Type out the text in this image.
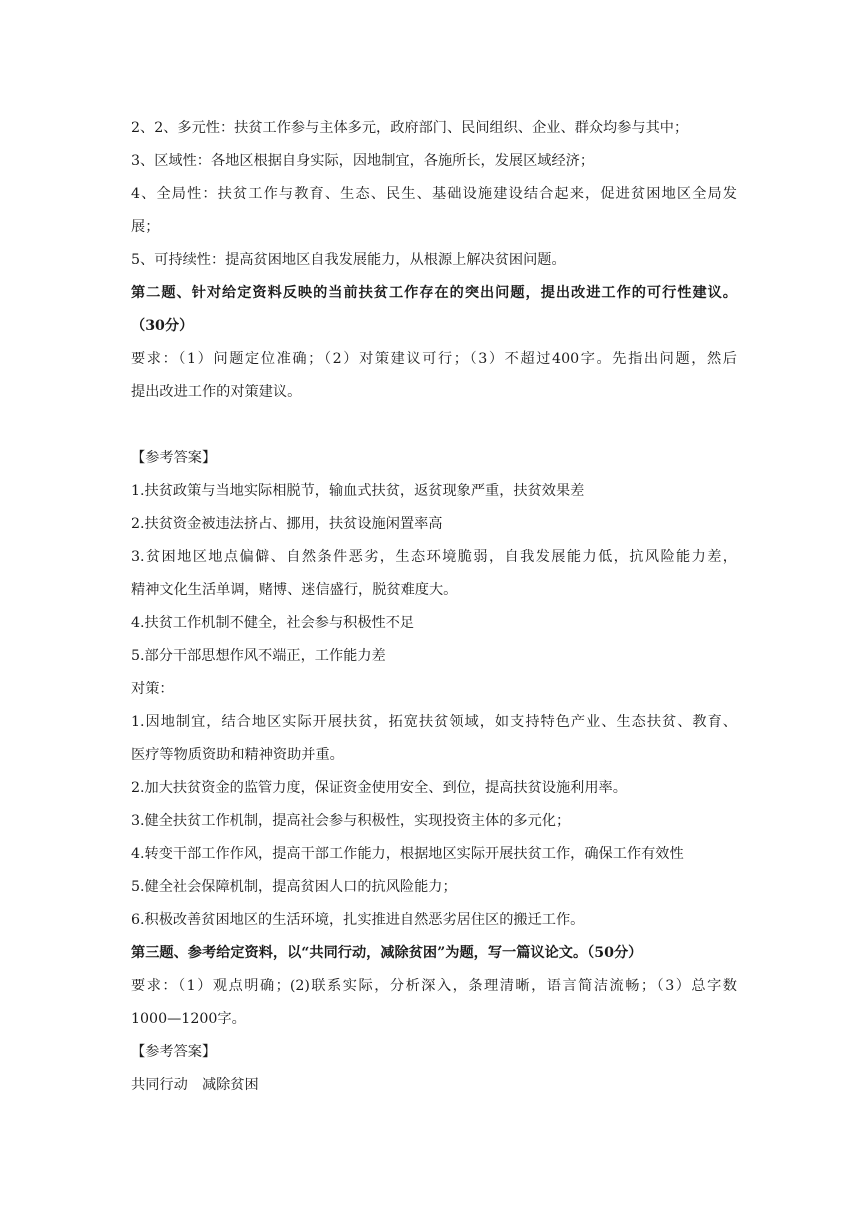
2、2、多元性：扶贫工作参与主体多元，政府部门、民间组织、企业、群众均参与其中；
3、区域性：各地区根据自身实际，因地制宜，各施所长，发展区域经济；
4、全局性：扶贫工作与教育、生态、民生、基础设施建设结合起来，促进贫困地区全局发
展；
5、可持续性：提高贫困地区自我发展能力，从根源上解决贫困问题。
第二题、针对给定资料反映的当前扶贫工作存在的突出问题，提出改进工作的可行性建议。
（30分）
要求：（1）问题定位准确；（2）对策建议可行；（3）不超过400字。先指出问题，然后
提出改进工作的对策建议。
【参考答案】
1.扶贫政策与当地实际相脱节，输血式扶贫，返贫现象严重，扶贫效果差
2.扶贫资金被违法挤占、挪用，扶贫设施闲置率高
3.贫困地区地点偏僻、自然条件恶劣，生态环境脆弱，自我发展能力低，抗风险能力差，
精神文化生活单调，赌博、迷信盛行，脱贫难度大。
4.扶贫工作机制不健全，社会参与积极性不足
5.部分干部思想作风不端正，工作能力差
对策：
1.因地制宜，结合地区实际开展扶贫，拓宽扶贫领域，如支持特色产业、生态扶贫、教育、
医疗等物质资助和精神资助并重。
2.加大扶贫资金的监管力度，保证资金使用安全、到位，提高扶贫设施利用率。
3.健全扶贫工作机制，提高社会参与积极性，实现投资主体的多元化；
4.转变干部工作作风，提高干部工作能力，根据地区实际开展扶贫工作，确保工作有效性
5.健全社会保障机制，提高贫困人口的抗风险能力；
6.积极改善贫困地区的生活环境，扎实推进自然恶劣居住区的搬迁工作。
第三题、参考给定资料，以“共同行动，减除贫困”为题，写一篇议论文。（50分）
要求：（1）观点明确；(2)联系实际，分析深入，条理清晰，语言简洁流畅；（3）总字数
1000—1200字。
【参考答案】
共同行动　减除贫困
